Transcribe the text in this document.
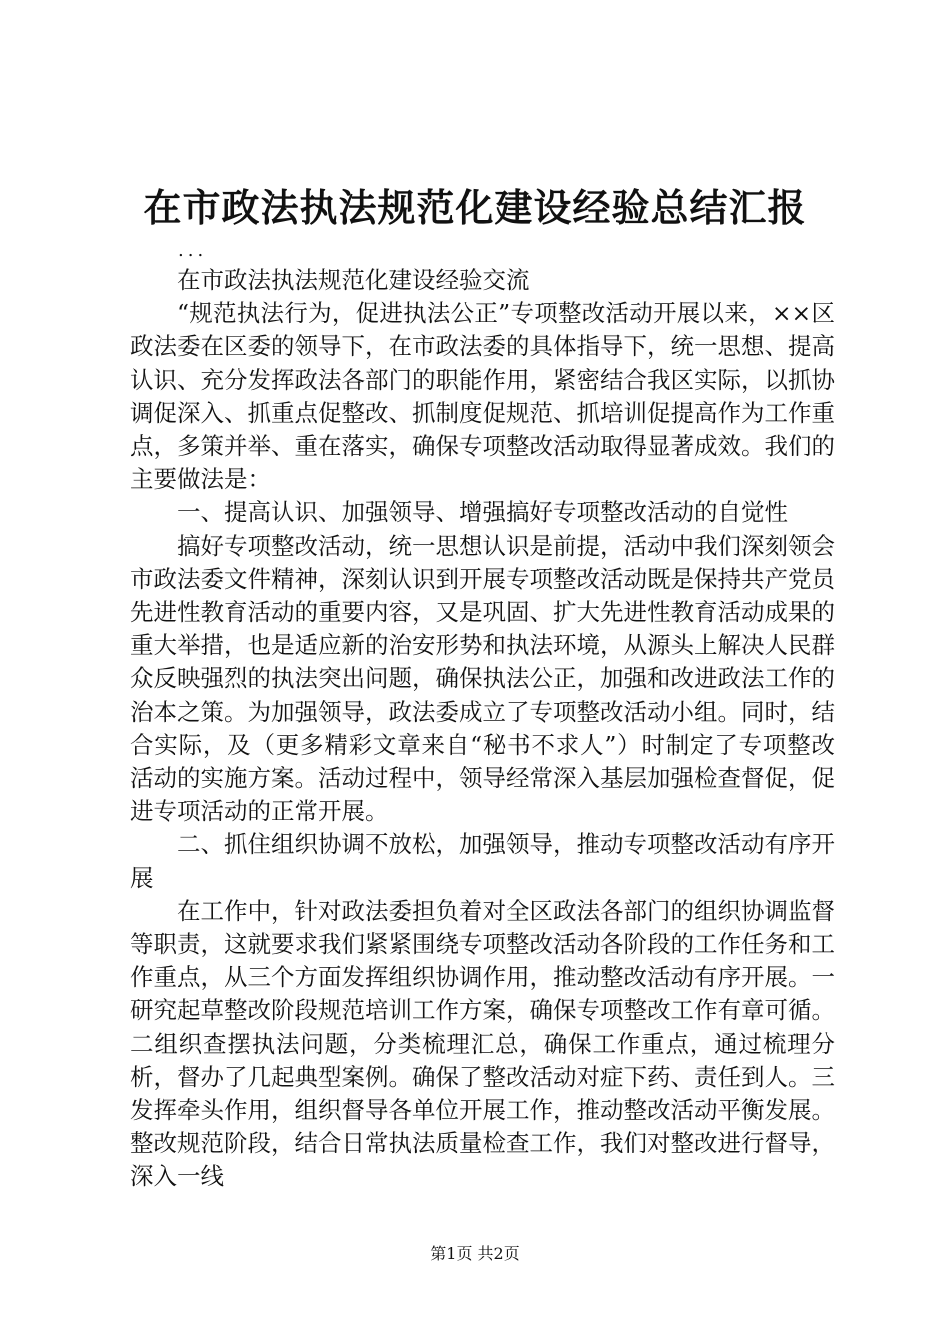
在市政法执法规范化建设经验总结汇报
...

在市政法执法规范化建设经验交流

“规范执法行为，促进执法公正”专项整改活动开展以来，××区政法委在区委的领导下，在市政法委的具体指导下，统一思想、提高认识、充分发挥政法各部门的职能作用，紧密结合我区实际，以抓协调促深入、抓重点促整改、抓制度促规范、抓培训促提高作为工作重点，多策并举、重在落实，确保专项整改活动取得显著成效。我们的主要做法是：

一、提高认识、加强领导、增强搞好专项整改活动的自觉性

搞好专项整改活动，统一思想认识是前提，活动中我们深刻领会市政法委文件精神，深刻认识到开展专项整改活动既是保持共产党员先进性教育活动的重要内容，又是巩固、扩大先进性教育活动成果的重大举措，也是适应新的治安形势和执法环境，从源头上解决人民群众反映强烈的执法突出问题，确保执法公正，加强和改进政法工作的治本之策。为加强领导，政法委成立了专项整改活动小组。同时，结合实际，及（更多精彩文章来自“秘书不求人”）时制定了专项整改活动的实施方案。活动过程中，领导经常深入基层加强检查督促，促进专项活动的正常开展。

二、抓住组织协调不放松，加强领导，推动专项整改活动有序开展

在工作中，针对政法委担负着对全区政法各部门的组织协调监督等职责，这就要求我们紧紧围绕专项整改活动各阶段的工作任务和工作重点，从三个方面发挥组织协调作用，推动整改活动有序开展。一研究起草整改阶段规范培训工作方案，确保专项整改工作有章可循。二组织查摆执法问题，分类梳理汇总，确保工作重点，通过梳理分析，督办了几起典型案例。确保了整改活动对症下药、责任到人。三发挥牵头作用，组织督导各单位开展工作，推动整改活动平衡发展。整改规范阶段，结合日常执法质量检查工作，我们对整改进行督导，深入一线

第1页 共2页
